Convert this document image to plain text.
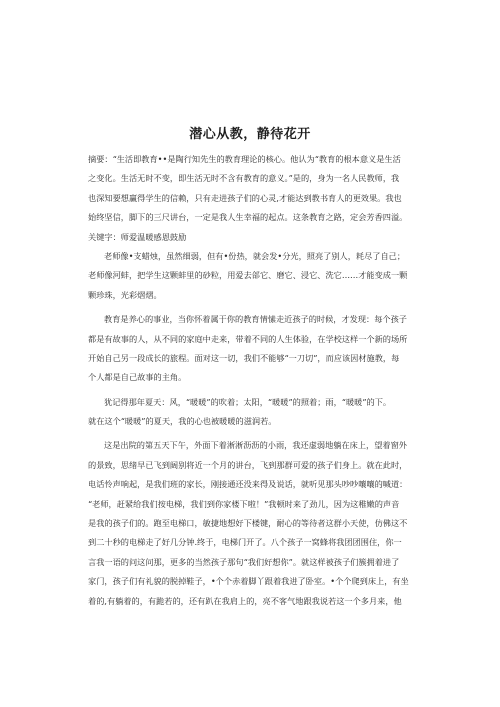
潜心从教，静待花开
摘要：“生活即教育••是陶行知先生的教育理论的核心。他认为“教育的根本意义是生活
之变化。生活无时不变，即生活无时不含有教育的意义。”是的，身为一名人民教师，我
也深知要想赢得学生的信赖，只有走进孩子们的心灵,才能达到教书育人的更效果。我也
始终坚信，脚下的三尺讲台，一定是我人生幸福的起点。这条教育之路，定会芳香四溢。
关键字：师爱温暖感恩鼓励
老师像•支蜡烛，虽然细弱，但有•份热，就会发•分光，照亮了别人，耗尽了自己；
老师像河蚌，把学生这颗蚌里的砂粒，用爱去郃它、磨它、浸它、洗它……才能变成一颗
颗珍珠，光彩熠熠。
教育是养心的事业，当你怀着属于你的教育情愫走近孩子的时候，才发现：每个孩子
都是有故事的人，从不同的家庭中走来，带着不同的人生体验，在学校这样一个新的场所
开始自己另一段成长的旅程。面对这一切，我们不能够“一刀切”，而应该因材施教，每
个人都是自己故事的主角。
犹记得那年夏天：风，“暖暖”的吹着；太阳，“暖暖”的照着；雨，“暖暖”的下。
就在这个“暖暖”的夏天，我的心也被暖暖的滋润若。
这是出院的第五天下午，外面下着淅淅沥沥的小雨，我还虚弱地躺在床上，望着窗外
的景致，思绪早已飞到阔别将近一个月的讲台，飞到那群可爱的孩子们身上。就在此时，
电话怜声响起，是我们班的家长，刚接通还没来得及说话，就听见那头吵吵嚷嚷的喊道：
“老师，赶紧给我们按电梯，我们到你家楼下啦！”我顿时来了劲儿，因为这稚嫩的声音
是我的孩子们的。跑至电梯口，敏捷地想好下楼键，耐心的等待者这群小天使，仿佛这不
到二十秒的电梯走了好几分钟.终于，电梯门开了。八个孩子一窝蜂将我团团围住，你一
言我一语的问这问那，更多的当然孩子那句“我们好想你”。就这样被孩子们簇拥着进了
家门，孩子们有礼貌的脱掉鞋子，•个个赤着脚丫跟着我进了卧室。•个个爬到床上，有坐
着的,有躺着的，有跪若的，还有趴在我肩上的，亮不客气地跟我说若这一个多月来，他
